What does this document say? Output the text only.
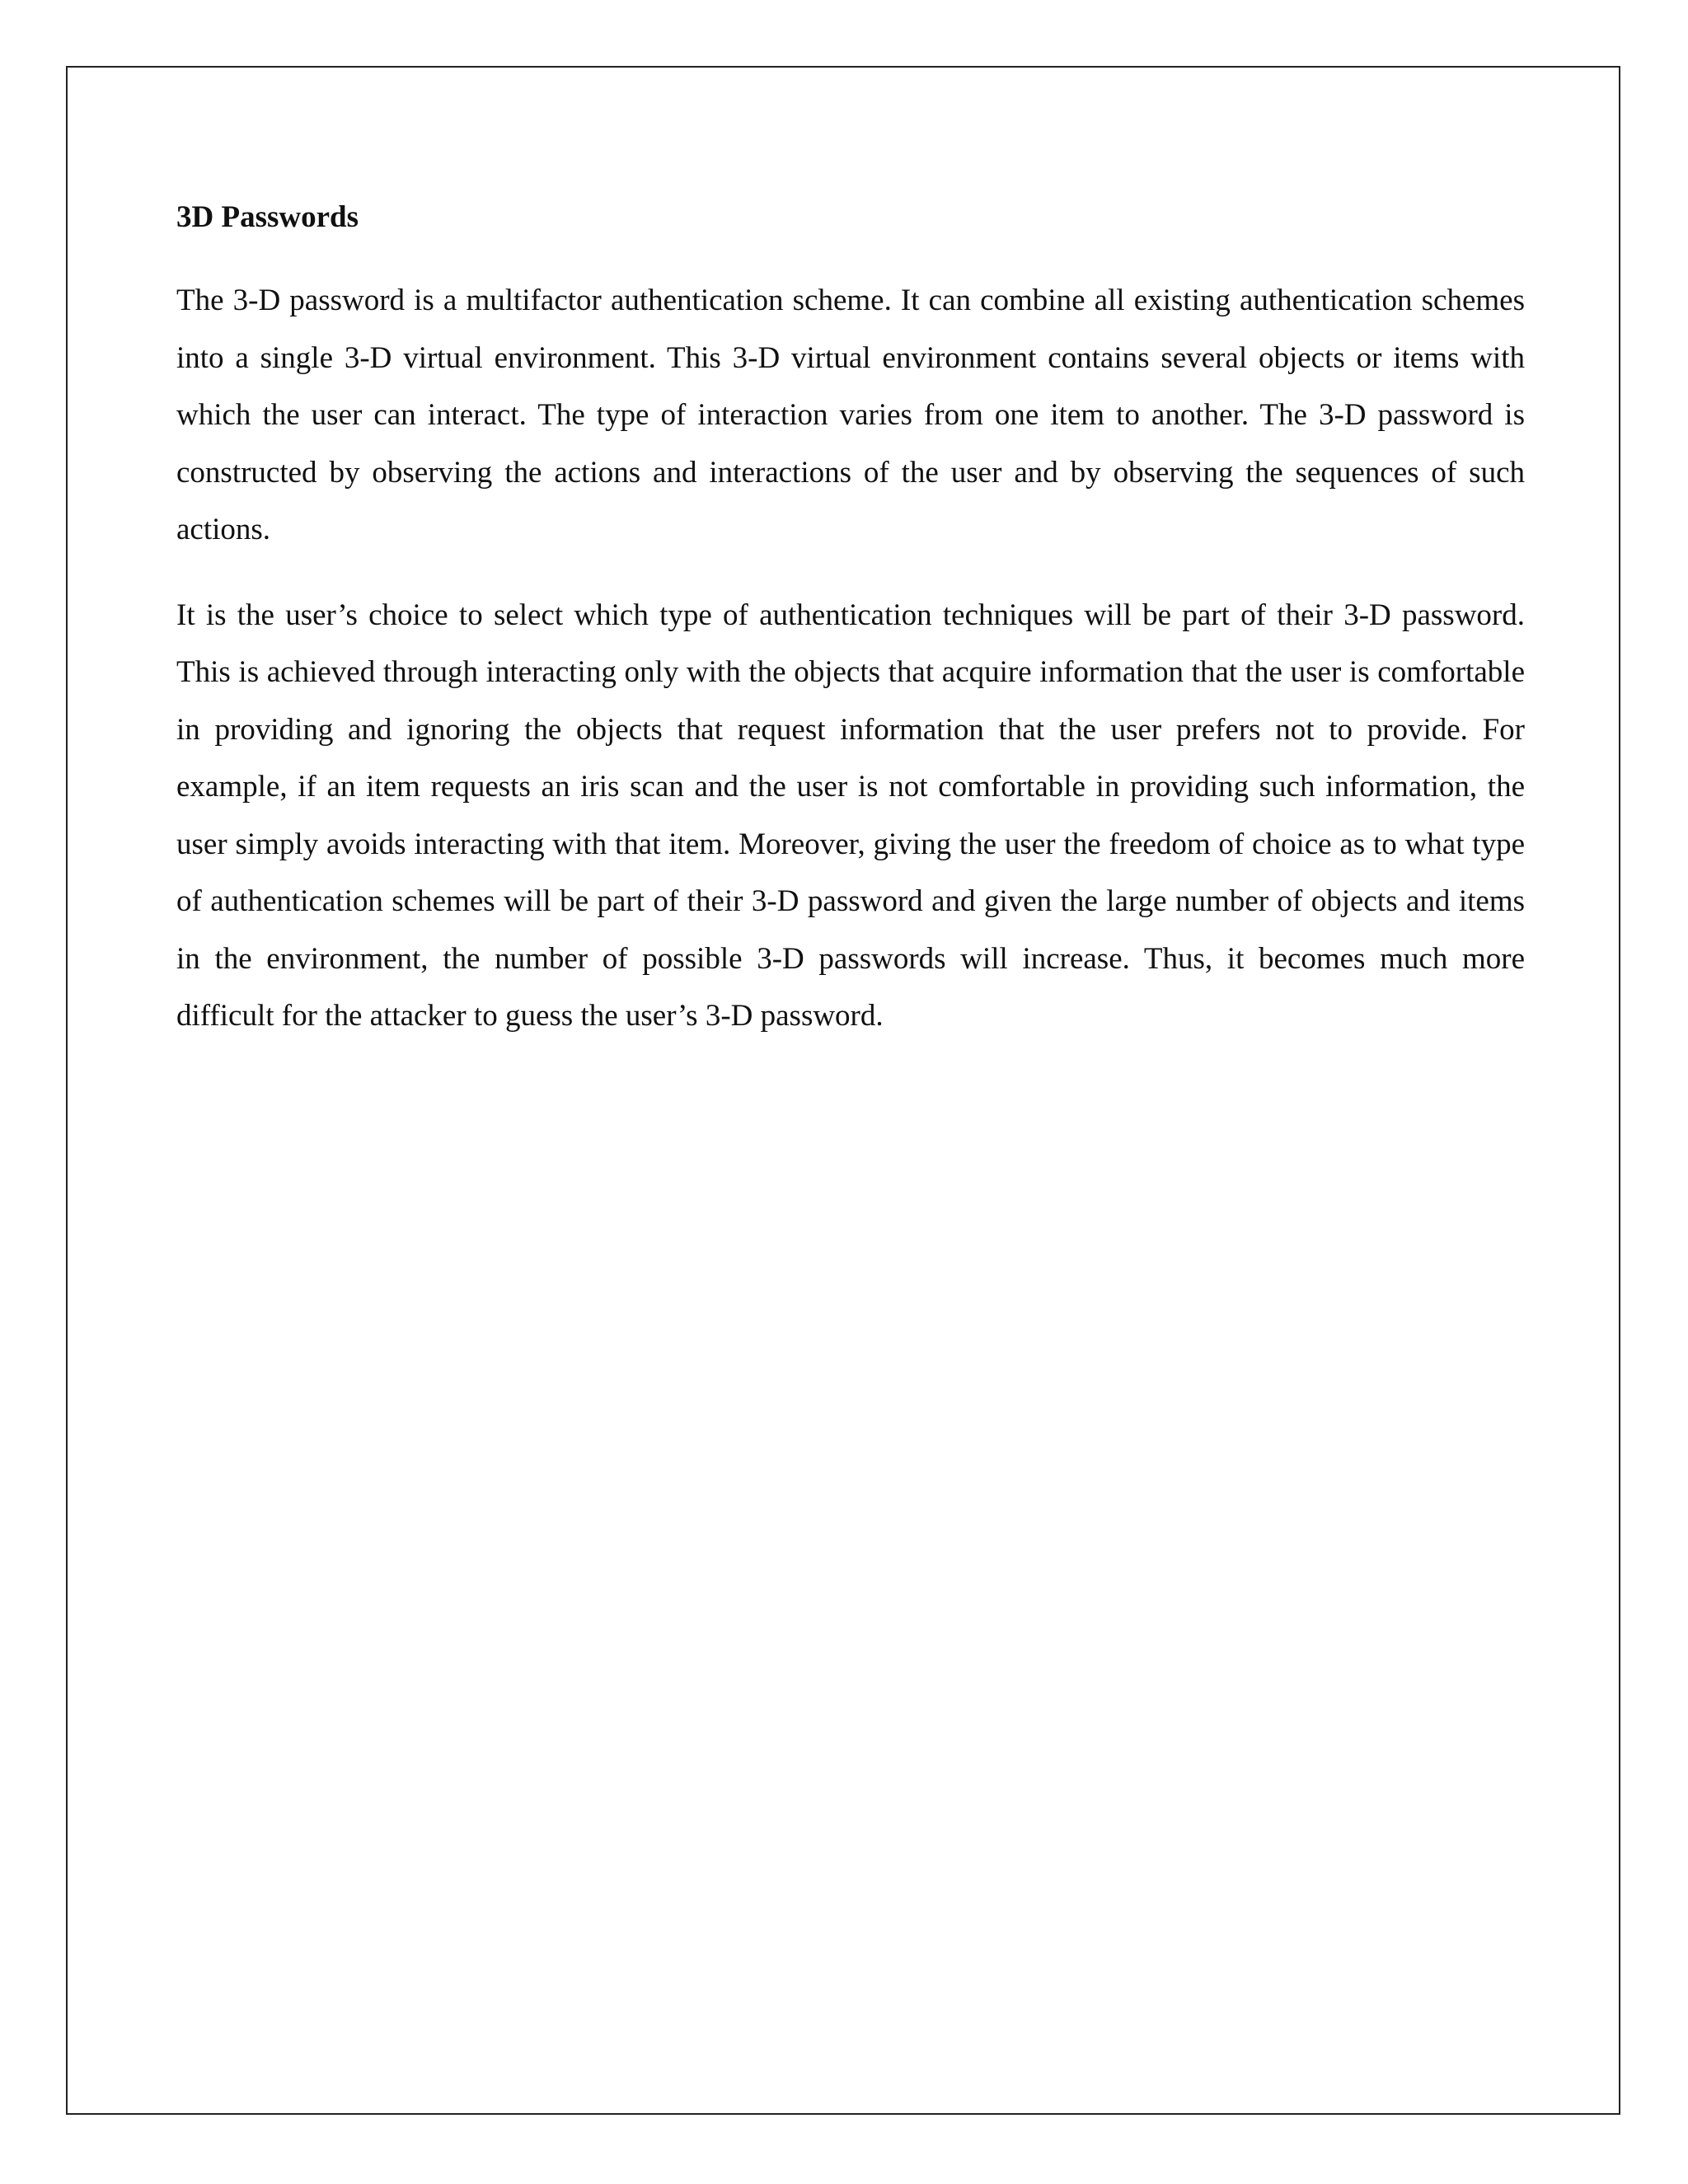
3D Passwords

The 3-D password is a multifactor authentication scheme. It can combine all existing authentication schemes into a single 3-D virtual environment. This 3-D virtual environment contains several objects or items with which the user can interact. The type of interaction varies from one item to another. The 3-D password is constructed by observing the actions and interactions of the user and by observing the sequences of such actions.

It is the user’s choice to select which type of authentication techniques will be part of their 3-D password. This is achieved through interacting only with the objects that acquire information that the user is comfortable in providing and ignoring the objects that request information that the user prefers not to provide. For example, if an item requests an iris scan and the user is not comfortable in providing such information, the user simply avoids interacting with that item. Moreover, giving the user the freedom of choice as to what type of authentication schemes will be part of their 3-D password and given the large number of objects and items in the environment, the number of possible 3-D passwords will increase. Thus, it becomes much more difficult for the attacker to guess the user’s 3-D password.
